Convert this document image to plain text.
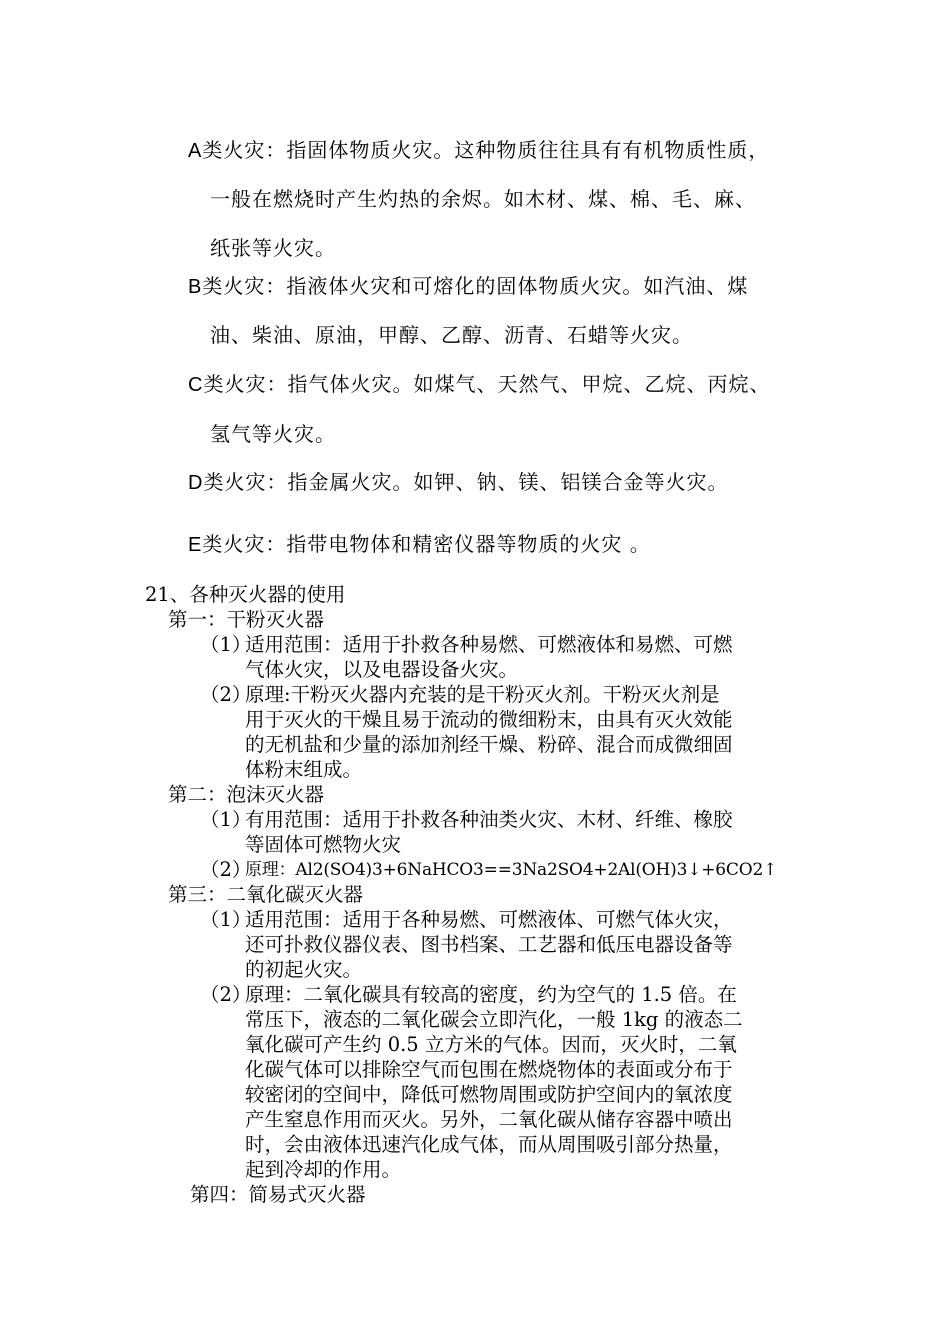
A类火灾：指固体物质火灾。这种物质往往具有有机物质性质，
一般在燃烧时产生灼热的余烬。如木材、煤、棉、毛、麻、
纸张等火灾。
B类火灾：指液体火灾和可熔化的固体物质火灾。如汽油、煤
油、柴油、原油，甲醇、乙醇、沥青、石蜡等火灾。
C类火灾：指气体火灾。如煤气、天然气、甲烷、乙烷、丙烷、
氢气等火灾。
D类火灾：指金属火灾。如钾、钠、镁、铝镁合金等火灾。
E类火灾：指带电物体和精密仪器等物质的火灾 。
21、各种灭火器的使用
第一：干粉灭火器
（1）
适用范围：适用于扑救各种易燃、可燃液体和易燃、可燃
气体火灾，以及电器设备火灾。
（2）
原理:干粉灭火器内充装的是干粉灭火剂。干粉灭火剂是
用于灭火的干燥且易于流动的微细粉末，由具有灭火效能
的无机盐和少量的添加剂经干燥、粉碎、混合而成微细固
体粉末组成。
第二：泡沫灭火器
（1）
有用范围：适用于扑救各种油类火灾、木材、纤维、橡胶
等固体可燃物火灾
（2）
原理：Al2(SO4)3+6NaHCO3==3Na2SO4+2Al(OH)3↓+6CO2↑
第三：二氧化碳灭火器
（1）
适用范围：适用于各种易燃、可燃液体、可燃气体火灾，
还可扑救仪器仪表、图书档案、工艺器和低压电器设备等
的初起火灾。
（2）
原理：二氧化碳具有较高的密度，约为空气的 1.5 倍。在
常压下，液态的二氧化碳会立即汽化，一般 1kg 的液态二
氧化碳可产生约 0.5 立方米的气体。因而，灭火时，二氧
化碳气体可以排除空气而包围在燃烧物体的表面或分布于
较密闭的空间中，降低可燃物周围或防护空间内的氧浓度
产生窒息作用而灭火。另外，二氧化碳从储存容器中喷出
时，会由液体迅速汽化成气体，而从周围吸引部分热量，
起到冷却的作用。
第四：简易式灭火器
